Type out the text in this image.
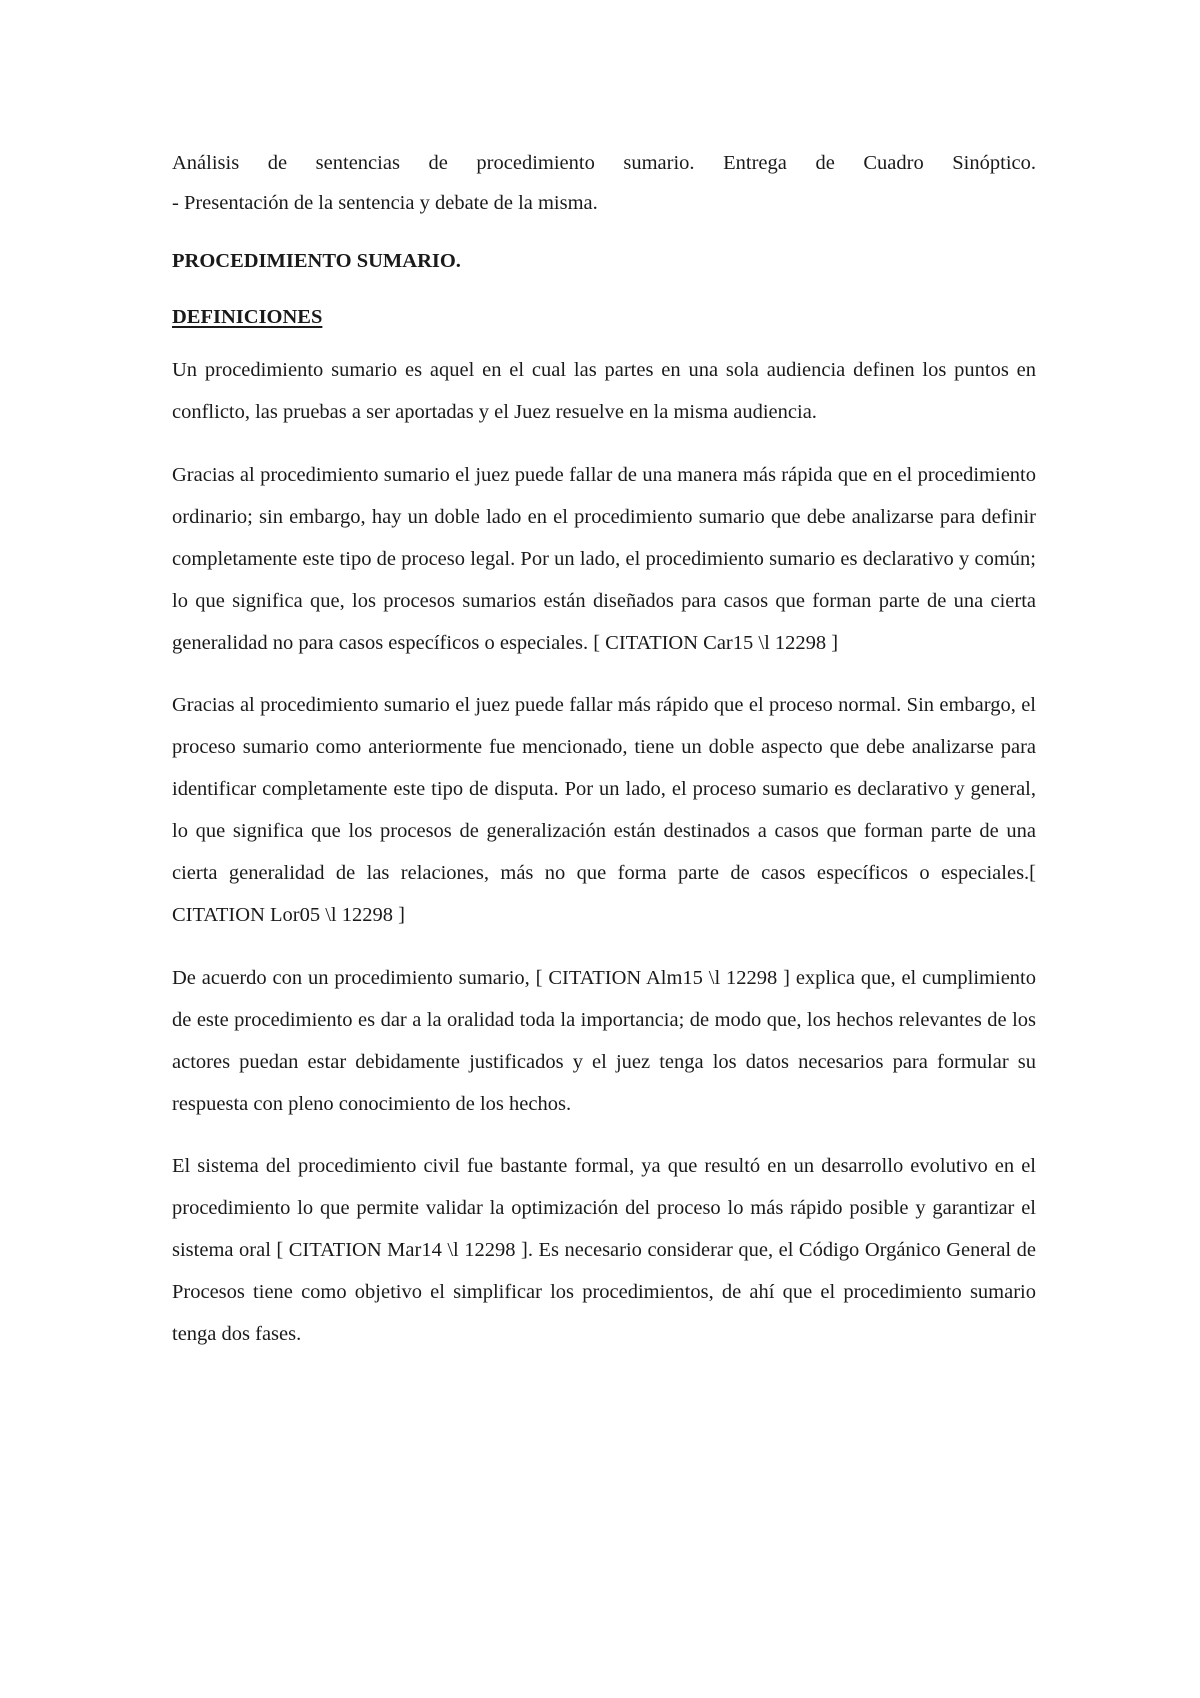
Análisis de sentencias de procedimiento sumario. Entrega de Cuadro Sinóptico.
- Presentación de la sentencia y debate de la misma.

PROCEDIMIENTO SUMARIO.

DEFINICIONES

Un procedimiento sumario es aquel en el cual las partes en una sola audiencia definen los puntos en conflicto, las pruebas a ser aportadas y el Juez resuelve en la misma audiencia.

Gracias al procedimiento sumario el juez puede fallar de una manera más rápida que en el procedimiento ordinario; sin embargo, hay un doble lado en el procedimiento sumario que debe analizarse para definir completamente este tipo de proceso legal. Por un lado, el procedimiento sumario es declarativo y común; lo que significa que, los procesos sumarios están diseñados para casos que forman parte de una cierta generalidad no para casos específicos o especiales. [ CITATION Car15 \l 12298 ]

Gracias al procedimiento sumario el juez puede fallar más rápido que el proceso normal. Sin embargo, el proceso sumario como anteriormente fue mencionado, tiene un doble aspecto que debe analizarse para identificar completamente este tipo de disputa. Por un lado, el proceso sumario es declarativo y general, lo que significa que los procesos de generalización están destinados a casos que forman parte de una cierta generalidad de las relaciones, más no que forma parte de casos específicos o especiales.[ CITATION Lor05 \l 12298 ]

De acuerdo con un procedimiento sumario, [ CITATION Alm15 \l 12298 ] explica que, el cumplimiento de este procedimiento es dar a la oralidad toda la importancia; de modo que, los hechos relevantes de los actores puedan estar debidamente justificados y el juez tenga los datos necesarios para formular su respuesta con pleno conocimiento de los hechos.

El sistema del procedimiento civil fue bastante formal, ya que resultó en un desarrollo evolutivo en el procedimiento lo que permite validar la optimización del proceso lo más rápido posible y garantizar el sistema oral [ CITATION Mar14 \l 12298 ]. Es necesario considerar que, el Código Orgánico General de Procesos tiene como objetivo el simplificar los procedimientos, de ahí que el procedimiento sumario tenga dos fases.
